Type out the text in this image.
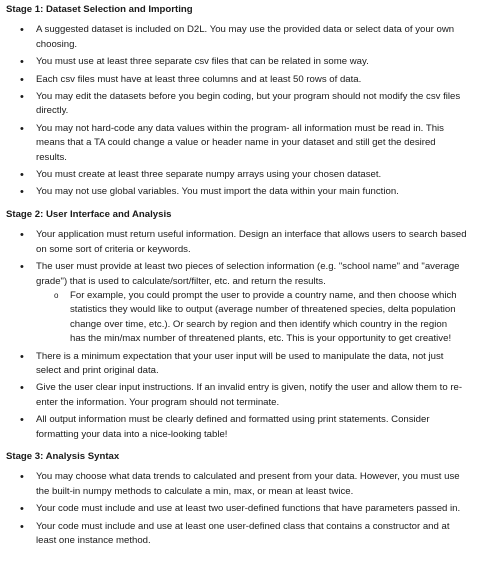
Stage 1: Dataset Selection and Importing
• A suggested dataset is included on D2L. You may use the provided data or select data of your own choosing.
• You must use at least three separate csv files that can be related in some way.
• Each csv files must have at least three columns and at least 50 rows of data.
• You may edit the datasets before you begin coding, but your program should not modify the csv files directly.
• You may not hard-code any data values within the program- all information must be read in. This means that a TA could change a value or header name in your dataset and still get the desired results.
• You must create at least three separate numpy arrays using your chosen dataset.
• You may not use global variables. You must import the data within your main function.
Stage 2: User Interface and Analysis
• Your application must return useful information. Design an interface that allows users to search based on some sort of criteria or keywords.
• The user must provide at least two pieces of selection information (e.g. "school name" and "average grade") that is used to calculate/sort/filter, etc. and return the results.
o For example, you could prompt the user to provide a country name, and then choose which statistics they would like to output (average number of threatened species, delta population change over time, etc.). Or search by region and then identify which country in the region has the min/max number of threatened plants, etc. This is your opportunity to get creative!
• There is a minimum expectation that your user input will be used to manipulate the data, not just select and print original data.
• Give the user clear input instructions. If an invalid entry is given, notify the user and allow them to re-enter the information. Your program should not terminate.
• All output information must be clearly defined and formatted using print statements. Consider formatting your data into a nice-looking table!
Stage 3: Analysis Syntax
• You may choose what data trends to calculated and present from your data. However, you must use the built-in numpy methods to calculate a min, max, or mean at least twice.
• Your code must include and use at least two user-defined functions that have parameters passed in.
• Your code must include and use at least one user-defined class that contains a constructor and at least one instance method.
